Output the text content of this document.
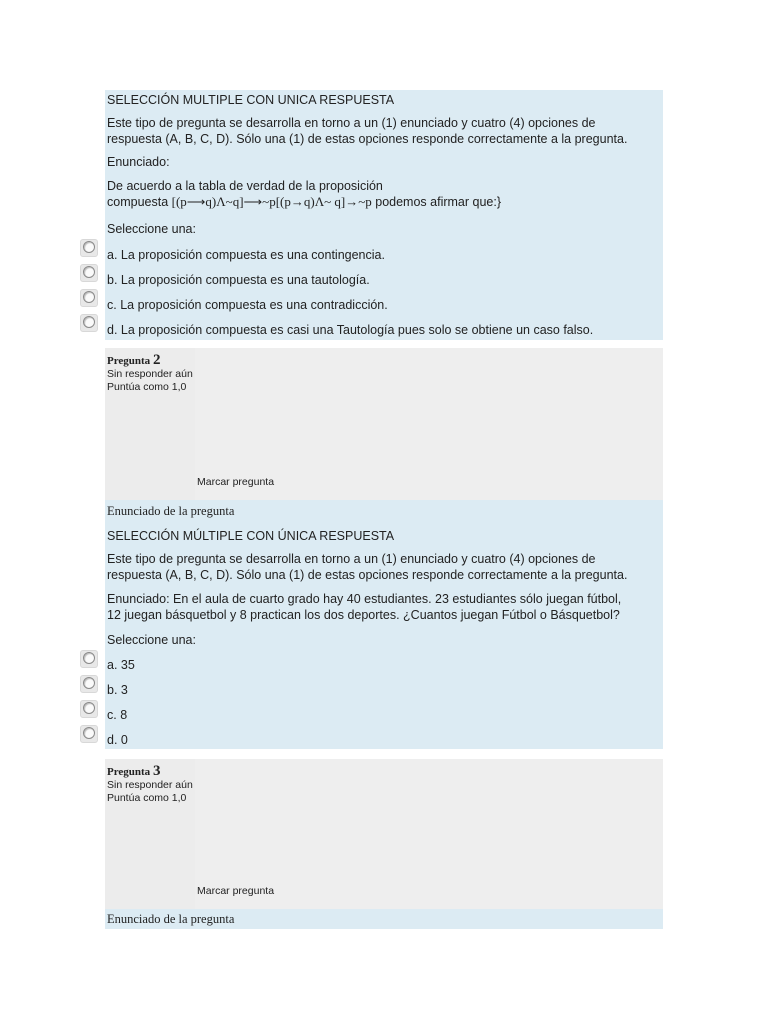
SELECCIÓN MULTIPLE CON UNICA RESPUESTA
Este tipo de pregunta se desarrolla en torno a un (1) enunciado y cuatro (4) opciones de
respuesta (A, B, C, D). Sólo una (1) de estas opciones responde correctamente a la pregunta.
Enunciado:
De acuerdo a la tabla de verdad de la proposición
compuesta [(p⟶q)Λ~q]⟶~p[(p→q)Λ~ q]→~p podemos afirmar que:}
Seleccione una:
a. La proposición compuesta es una contingencia.
b. La proposición compuesta es una tautología.
c. La proposición compuesta es una contradicción.
d. La proposición compuesta es casi una Tautología pues solo se obtiene un caso falso.
Pregunta 2
Sin responder aún
Puntúa como 1,0
Marcar pregunta
Enunciado de la pregunta
SELECCIÓN MÚLTIPLE CON ÚNICA RESPUESTA
Este tipo de pregunta se desarrolla en torno a un (1) enunciado y cuatro (4) opciones de
respuesta (A, B, C, D). Sólo una (1) de estas opciones responde correctamente a la pregunta.
Enunciado: En el aula de cuarto grado hay 40 estudiantes. 23 estudiantes sólo juegan fútbol,
12 juegan básquetbol y 8 practican los dos deportes. ¿Cuantos juegan Fútbol o Básquetbol?
Seleccione una:
a. 35
b. 3
c. 8
d. 0
Pregunta 3
Sin responder aún
Puntúa como 1,0
Marcar pregunta
Enunciado de la pregunta
